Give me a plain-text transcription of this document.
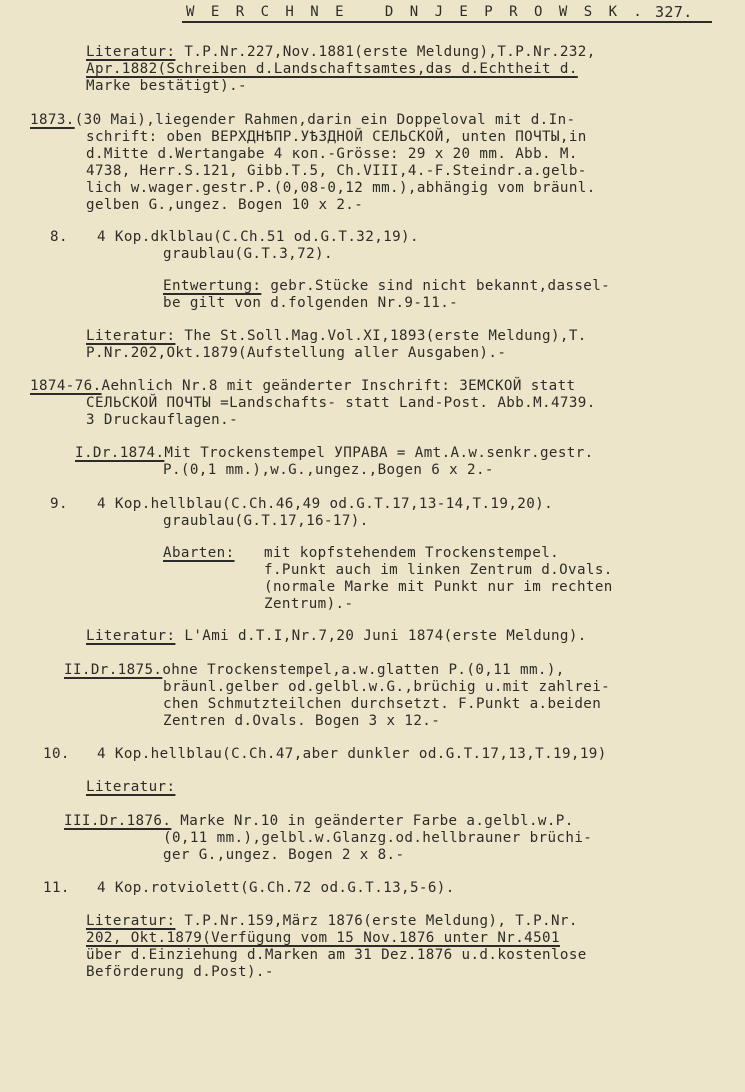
W E R C H N E   D N J E P R O W S K . 327.
Literatur: T.P.Nr.227,Nov.1881(erste Meldung),T.P.Nr.232,
Apr.1882(Schreiben d.Landschaftsamtes,das d.Echtheit d.
Marke bestätigt).-
1873.(30 Mai),liegender Rahmen,darin ein Doppeloval mit d.In-
schrift: oben ВЕРХДНѢПР.УѢЗДНОЙ СЕЛЬСКОЙ, unten ПОЧТЫ,in
d.Mitte d.Wertangabe 4 коп.-Grösse: 29 x 20 mm. Abb. M.
4738, Herr.S.121, Gibb.T.5, Ch.VIII,4.-F.Steindr.a.gelb-
lich w.wager.gestr.P.(0,08-0,12 mm.),abhängig vom bräunl.
gelben G.,ungez. Bogen 10 x 2.-
8. 4 Kop.dklblau(C.Ch.51 od.G.T.32,19).
graublau(G.T.3,72).
Entwertung: gebr.Stücke sind nicht bekannt,dassel-
be gilt von d.folgenden Nr.9-11.-
Literatur: The St.Soll.Mag.Vol.XI,1893(erste Meldung),T.
P.Nr.202,Okt.1879(Aufstellung aller Ausgaben).-
1874-76.Aehnlich Nr.8 mit geänderter Inschrift: ЗЕМСКОЙ statt
СЕЛЬСКОЙ ПОЧТЫ =Landschafts- statt Land-Post. Abb.M.4739.
3 Druckauflagen.-
I.Dr.1874.Mit Trockenstempel УПРАВА = Amt.A.w.senkr.gestr.
P.(0,1 mm.),w.G.,ungez.,Bogen 6 x 2.-
9. 4 Kop.hellblau(C.Ch.46,49 od.G.T.17,13-14,T.19,20).
graublau(G.T.17,16-17).
Abarten: mit kopfstehendem Trockenstempel.
f.Punkt auch im linken Zentrum d.Ovals.
(normale Marke mit Punkt nur im rechten
Zentrum).-
Literatur: L'Ami d.T.I,Nr.7,20 Juni 1874(erste Meldung).
II.Dr.1875.ohne Trockenstempel,a.w.glatten P.(0,11 mm.),
bräunl.gelber od.gelbl.w.G.,brüchig u.mit zahlrei-
chen Schmutzteilchen durchsetzt. F.Punkt a.beiden
Zentren d.Ovals. Bogen 3 x 12.-
10. 4 Kop.hellblau(C.Ch.47,aber dunkler od.G.T.17,13,T.19,19)
Literatur:
III.Dr.1876. Marke Nr.10 in geänderter Farbe a.gelbl.w.P.
(0,11 mm.),gelbl.w.Glanzg.od.hellbrauner brüchi-
ger G.,ungez. Bogen 2 x 8.-
11. 4 Kop.rotviolett(G.Ch.72 od.G.T.13,5-6).
Literatur: T.P.Nr.159,März 1876(erste Meldung), T.P.Nr.
202, Okt.1879(Verfügung vom 15 Nov.1876 unter Nr.4501
über d.Einziehung d.Marken am 31 Dez.1876 u.d.kostenlose
Beförderung d.Post).-
